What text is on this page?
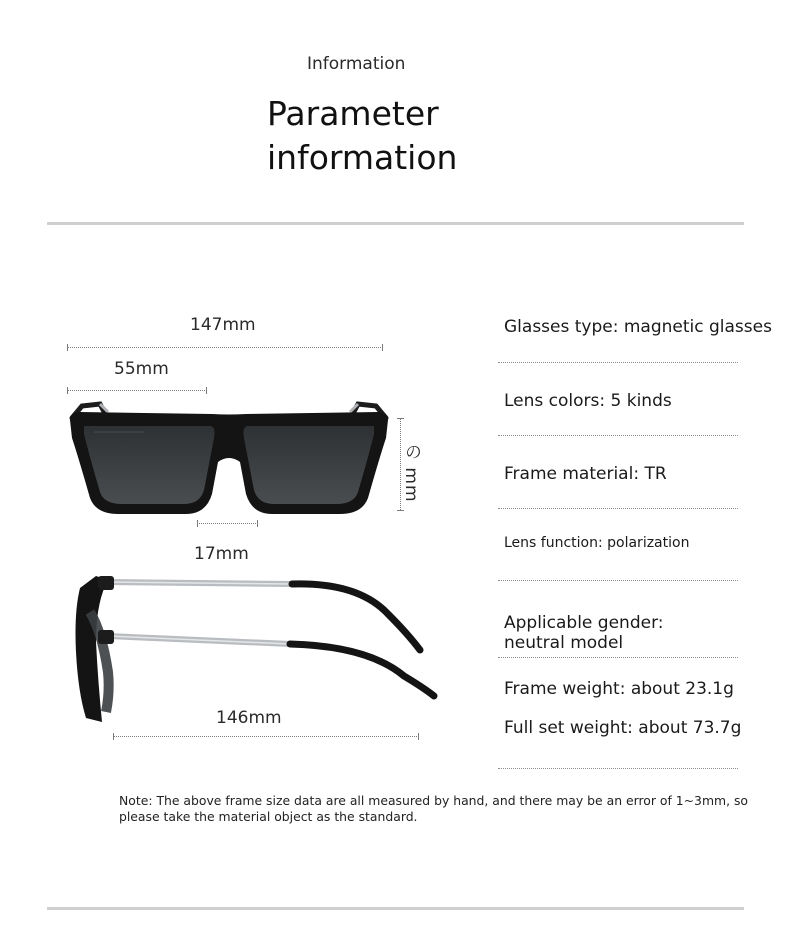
Information
Parameter
information
147mm
55mm
の mm
17mm
146mm
Glasses type: magnetic glasses
Lens colors: 5 kinds
Frame material: TR
Lens function: polarization
Applicable gender: neutral model
Frame weight: about 23.1g
Full set weight: about 73.7g
Note: The above frame size data are all measured by hand, and there may be an error of 1~3mm, so please take the material object as the standard.
